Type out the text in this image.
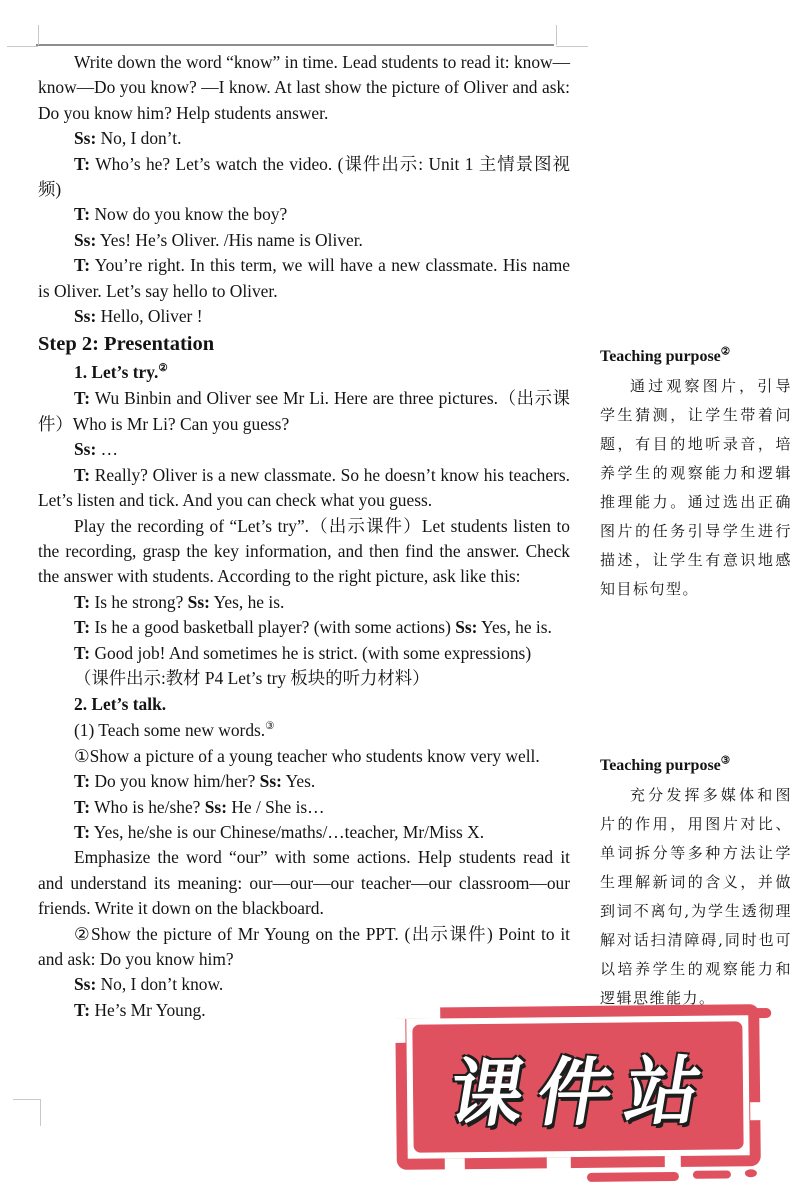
Write down the word “know” in time. Lead students to read it: know—know—Do you know? —I know. At last show the picture of Oliver and ask: Do you know him? Help students answer.

Ss: No, I don’t.

T: Who’s he? Let’s watch the video. (课件出示: Unit 1 主情景图视频)

T: Now do you know the boy?

Ss: Yes! He’s Oliver. /His name is Oliver.

T: You’re right. In this term, we will have a new classmate. His name is Oliver. Let’s say hello to Oliver.

Ss: Hello, Oliver !

Step 2: Presentation

1. Let’s try.②

T: Wu Binbin and Oliver see Mr Li. Here are three pictures.（出示课件）Who is Mr Li? Can you guess?

Ss: …

T: Really? Oliver is a new classmate. So he doesn’t know his teachers. Let’s listen and tick. And you can check what you guess.

Play the recording of “Let’s try”.（出示课件）Let students listen to the recording, grasp the key information, and then find the answer. Check the answer with students. According to the right picture, ask like this:

T: Is he strong? Ss: Yes, he is.

T: Is he a good basketball player? (with some actions) Ss: Yes, he is.

T: Good job! And sometimes he is strict. (with some expressions)

（课件出示:教材 P4 Let’s try 板块的听力材料）

2. Let’s talk.

(1) Teach some new words.③

①Show a picture of a young teacher who students know very well.

T: Do you know him/her? Ss: Yes.

T: Who is he/she? Ss: He / She is…

T: Yes, he/she is our Chinese/maths/…teacher, Mr/Miss X.

Emphasize the word “our” with some actions. Help students read it and understand its meaning: our—our—our teacher—our classroom—our friends. Write it down on the blackboard.

②Show the picture of Mr Young on the PPT. (出示课件) Point to it and ask: Do you know him?

Ss: No, I don’t know.

T: He’s Mr Young.

Teaching purpose②

通过观察图片，引导学生猜测，让学生带着问题，有目的地听录音，培养学生的观察能力和逻辑推理能力。通过选出正确图片的任务引导学生进行描述，让学生有意识地感知目标句型。

Teaching purpose③

充分发挥多媒体和图片的作用，用图片对比、单词拆分等多种方法让学生理解新词的含义，并做到词不离句,为学生透彻理解对话扫清障碍,同时也可以培养学生的观察能力和逻辑思维能力。

课件站
